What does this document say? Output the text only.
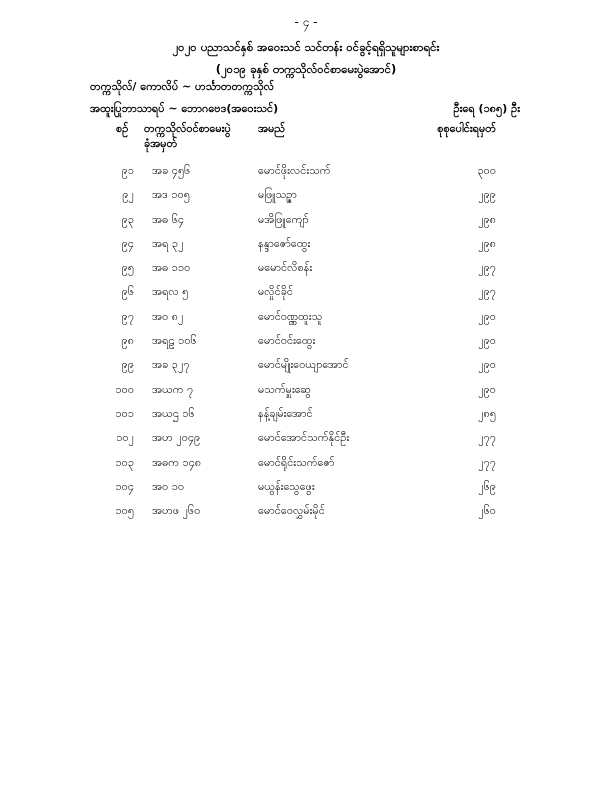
- ၄ -
၂၀၂၀ ပညာသင်နှစ် အဝေးသင် သင်တန်း ဝင်ခွင့်ရရှိသူများစာရင်း
(၂၀၁၉ ခုနှစ် တက္ကသိုလ်ဝင်စာမေးပွဲအောင်)
တက္ကသိုလ်/ ကောလိပ် ~ ဟင်္သာတတက္ကသိုလ်
အထူးပြုဘာသာရပ် ~ ဘောဂဗေဒ(အဝေးသင်)	ဦးရေ (၁၈၅) ဦး
စဉ် တက္ကသိုလ်ဝင်စာမေးပွဲ
ခုံအမှတ်
အမည်	စုစုပေါင်းရမှတ်
၉၁ အခ ၄၅၆	မောင်ဖိုးလင်းသက်	၃၀၀
၉၂ အဒ ၁၀၅	မဖြူသဉ္ဇာ	၂၉၉
၉၃ အဓ ၆၄	မအိဖြူကျော်	၂၉၈
၉၄ အရ ၃၂	နန္ဒာဇော်ထွေး	၂၉၈
၉၅ အဓ ၁၁၀	မမောင်လိစန်း	၂၉၇
၉၆ အရလ ၅	မလှိုင်ခိုင်	၂၉၇
၉၇ အဝ ၈၂	မောင်ဝဏ္ဏထူးသူ	၂၉၀
၉၈ အရဠ ၁၀၆	မောင်ဝင်းထွေး	၂၉၀
၉၉ အခ ၃၂၇	မောင်မျိုးဝေယျာအောင်	၂၉၀
၁၀၀ အယက ၇	မသက်မှူးဆွေ	၂၉၀
၁၀၁ အယဌ ၁၆	နန့်ချမ်းအောင်	၂၈၅
၁၀၂ အဟ ၂၀၄၉	မောင်အောင်သက်နိုင်ဦး	၂၇၇
၁၀၃ အဓက ၁၄၈	မောင်ရိုင်းသက်ဇော်	၂၇၇
၁၀၄ အဝ ၁၀	မယွန်းသွေဖွေး	၂၆၉
၁၀၅ အဟဖ ၂၆၀	မောင်ဝေလွှမ်းမိုင်	၂၆၀
